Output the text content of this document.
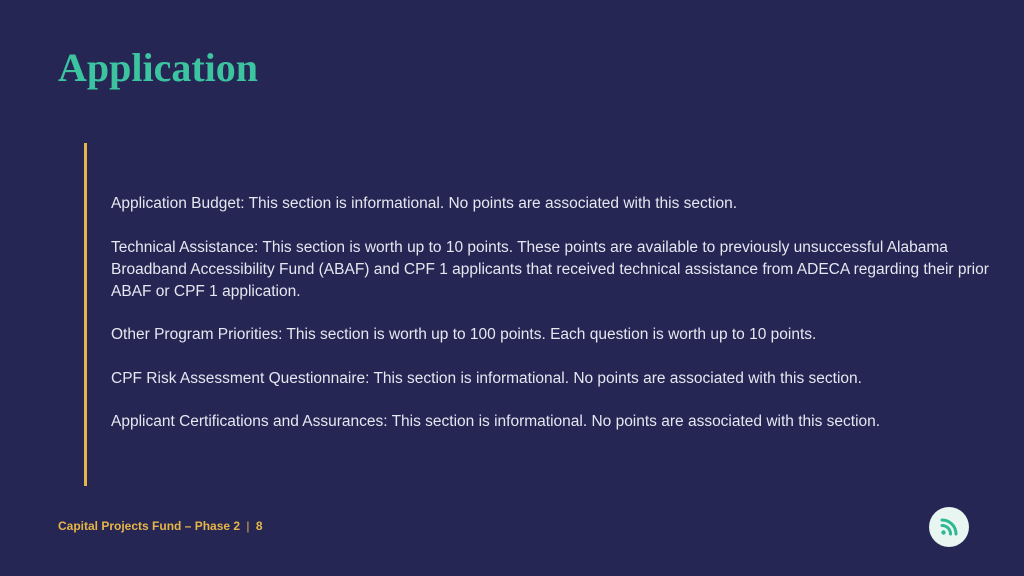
Application

Application Budget: This section is informational. No points are associated with this section.

Technical Assistance: This section is worth up to 10 points. These points are available to previously unsuccessful Alabama Broadband Accessibility Fund (ABAF) and CPF 1 applicants that received technical assistance from ADECA regarding their prior ABAF or CPF 1 application.

Other Program Priorities: This section is worth up to 100 points. Each question is worth up to 10 points.

CPF Risk Assessment Questionnaire: This section is informational. No points are associated with this section.

Applicant Certifications and Assurances: This section is informational. No points are associated with this section.

Capital Projects Fund – Phase 2 | 8
